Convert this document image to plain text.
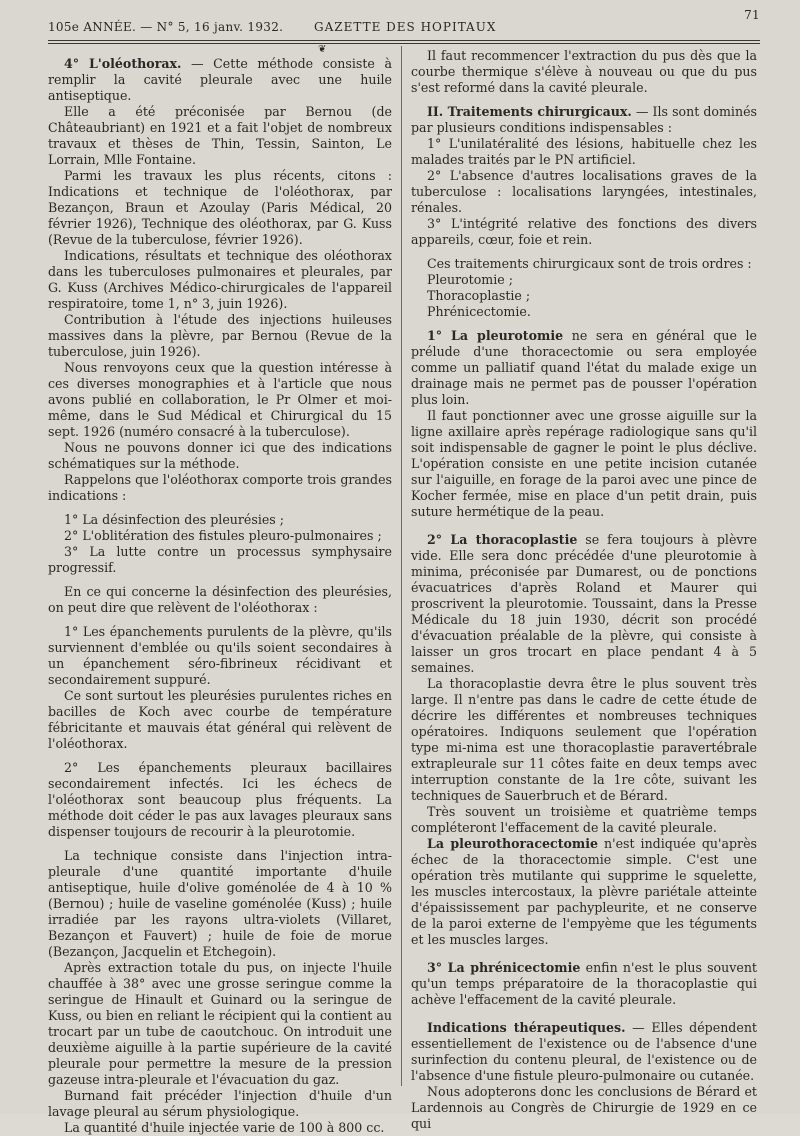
105e ANNÉE. — N° 5, 16 janv. 1932.	GAZETTE DES HOPITAUX
71
❦

4° L'oléothorax. — Cette méthode consiste à remplir la cavité pleurale avec une huile antiseptique.

Elle a été préconisée par Bernou (de Châteaubriant) en 1921 et a fait l'objet de nombreux travaux et thèses de Thin, Tessin, Sainton, Le Lorrain, Mlle Fontaine.

Parmi les travaux les plus récents, citons : Indications et technique de l'oléothorax, par Bezançon, Braun et Azoulay (Paris Médical, 20 février 1926), Technique des oléothorax, par G. Kuss (Revue de la tuberculose, février 1926).

Indications, résultats et technique des oléothorax dans les tuberculoses pulmonaires et pleurales, par G. Kuss (Archives Médico-chirurgicales de l'appareil respiratoire, tome 1, n° 3, juin 1926).

Contribution à l'étude des injections huileuses massives dans la plèvre, par Bernou (Revue de la tuberculose, juin 1926).

Nous renvoyons ceux que la question intéresse à ces diverses monographies et à l'article que nous avons publié en collaboration, le Pr Olmer et moi-même, dans le Sud Médical et Chirurgical du 15 sept. 1926 (numéro consacré à la tuberculose).

Nous ne pouvons donner ici que des indications schématiques sur la méthode.

Rappelons que l'oléothorax comporte trois grandes indications :

1° La désinfection des pleurésies ;

2° L'oblitération des fistules pleuro-pulmonaires ;

3° La lutte contre un processus symphysaire progressif.

En ce qui concerne la désinfection des pleurésies, on peut dire que relèvent de l'oléothorax :

1° Les épanchements purulents de la plèvre, qu'ils surviennent d'emblée ou qu'ils soient secondaires à un épanchement séro-fibrineux récidivant et secondairement suppuré.

Ce sont surtout les pleurésies purulentes riches en bacilles de Koch avec courbe de température fébricitante et mauvais état général qui relèvent de l'oléothorax.

2° Les épanchements pleuraux bacillaires secondairement infectés. Ici les échecs de l'oléothorax sont beaucoup plus fréquents. La méthode doit céder le pas aux lavages pleuraux sans dispenser toujours de recourir à la pleurotomie.

La technique consiste dans l'injection intra-pleurale d'une quantité importante d'huile antiseptique, huile d'olive goménolée de 4 à 10 % (Bernou) ; huile de vaseline goménolée (Kuss) ; huile irradiée par les rayons ultra-violets (Villaret, Bezançon et Fauvert) ; huile de foie de morue (Bezançon, Jacquelin et Etchegoin).

Après extraction totale du pus, on injecte l'huile chauffée à 38° avec une grosse seringue comme la seringue de Hinault et Guinard ou la seringue de Kuss, ou bien en reliant le récipient qui la contient au trocart par un tube de caoutchouc. On introduit une deuxième aiguille à la partie supérieure de la cavité pleurale pour permettre la mesure de la pression gazeuse intra-pleurale et l'évacuation du gaz.

Burnand fait précéder l'injection d'huile d'un lavage pleural au sérum physiologique.

La quantité d'huile injectée varie de 100 à 800 cc.

Il faut recommencer l'extraction du pus dès que la courbe thermique s'élève à nouveau ou que du pus s'est reformé dans la cavité pleurale.

II. Traitements chirurgicaux. — Ils sont dominés par plusieurs conditions indispensables :

1° L'unilatéralité des lésions, habituelle chez les malades traités par le PN artificiel.

2° L'absence d'autres localisations graves de la tuberculose : localisations laryngées, intestinales, rénales.

3° L'intégrité relative des fonctions des divers appareils, cœur, foie et rein.

Ces traitements chirurgicaux sont de trois ordres :

Pleurotomie ;

Thoracoplastie ;

Phrénicectomie.

1° La pleurotomie ne sera en général que le prélude d'une thoracectomie ou sera employée comme un palliatif quand l'état du malade exige un drainage mais ne permet pas de pousser l'opération plus loin.

Il faut ponctionner avec une grosse aiguille sur la ligne axillaire après repérage radiologique sans qu'il soit indispensable de gagner le point le plus déclive. L'opération consiste en une petite incision cutanée sur l'aiguille, en forage de la paroi avec une pince de Kocher fermée, mise en place d'un petit drain, puis suture hermétique de la peau.

2° La thoracoplastie se fera toujours à plèvre vide. Elle sera donc précédée d'une pleurotomie à minima, préconisée par Dumarest, ou de ponctions évacuatrices d'après Roland et Maurer qui proscrivent la pleurotomie. Toussaint, dans la Presse Médicale du 18 juin 1930, décrit son procédé d'évacuation préalable de la plèvre, qui consiste à laisser un gros trocart en place pendant 4 à 5 semaines.

La thoracoplastie devra être le plus souvent très large. Il n'entre pas dans le cadre de cette étude de décrire les différentes et nombreuses techniques opératoires. Indiquons seulement que l'opération type mi-nima est une thoracoplastie paravertébrale extrapleurale sur 11 côtes faite en deux temps avec interruption constante de la 1re côte, suivant les techniques de Sauerbruch et de Bérard.

Très souvent un troisième et quatrième temps compléteront l'effacement de la cavité pleurale.

La pleurothoracectomie n'est indiquée qu'après échec de la thoracectomie simple. C'est une opération très mutilante qui supprime le squelette, les muscles intercostaux, la plèvre pariétale atteinte d'épaississement par pachypleurite, et ne conserve de la paroi externe de l'empyème que les téguments et les muscles larges.

3° La phrénicectomie enfin n'est le plus souvent qu'un temps préparatoire de la thoracoplastie qui achève l'effacement de la cavité pleurale.

Indications thérapeutiques. — Elles dépendent essentiellement de l'existence ou de l'absence d'une surinfection du contenu pleural, de l'existence ou de l'absence d'une fistule pleuro-pulmonaire ou cutanée.

Nous adopterons donc les conclusions de Bérard et Lardennois au Congrès de Chirurgie de 1929 en ce qui
